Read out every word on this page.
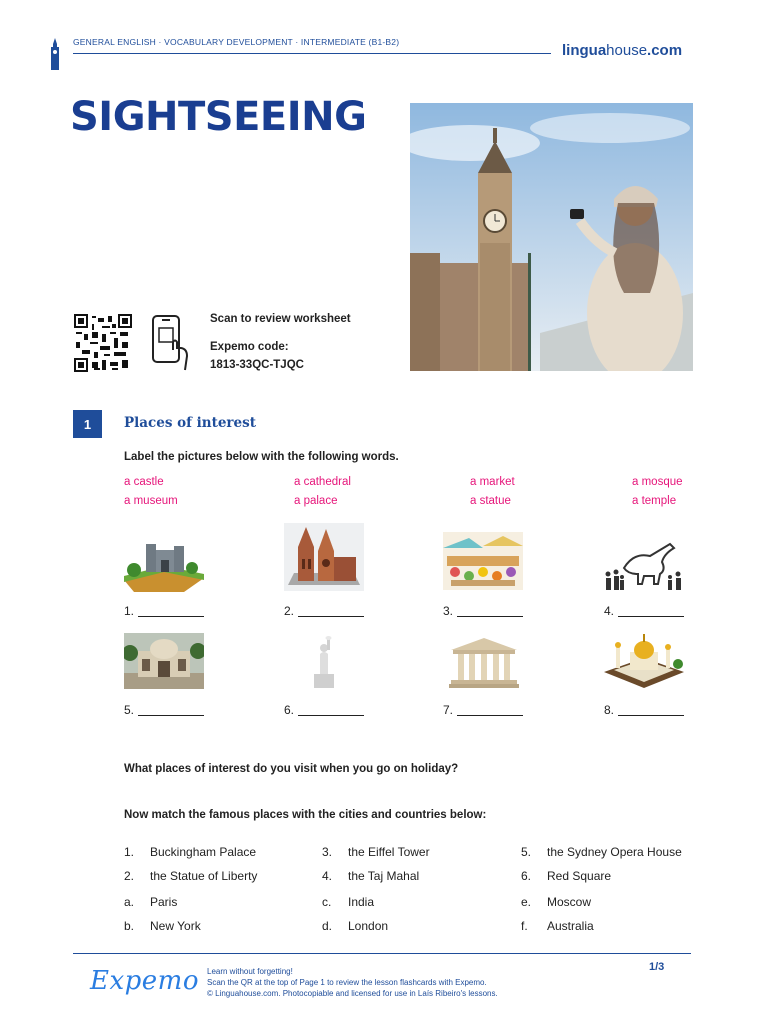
GENERAL ENGLISH · VOCABULARY DEVELOPMENT · INTERMEDIATE (B1-B2)	linguahouse.com
SIGHTSEEING
Scan to review worksheet
Expemo code:
1813-33QC-TJQC
1	Places of interest
Label the pictures below with the following words.
a castle	a cathedral	a market	a mosque
a museum	a palace	a statue	a temple
1.	2.	3.	4.
5.	6.	7.	8.
What places of interest do you visit when you go on holiday?
Now match the famous places with the cities and countries below:
1. Buckingham Palace	3. the Eiffel Tower	5. the Sydney Opera House
2. the Statue of Liberty	4. the Taj Mahal	6. Red Square
a. Paris	c. India	e. Moscow
b. New York	d. London	f. Australia
Expemo Learn without forgetting!
Scan the QR at the top of Page 1 to review the lesson flashcards with Expemo.
© Linguahouse.com. Photocopiable and licensed for use in Laís Ribeiro's lessons.
1/3
